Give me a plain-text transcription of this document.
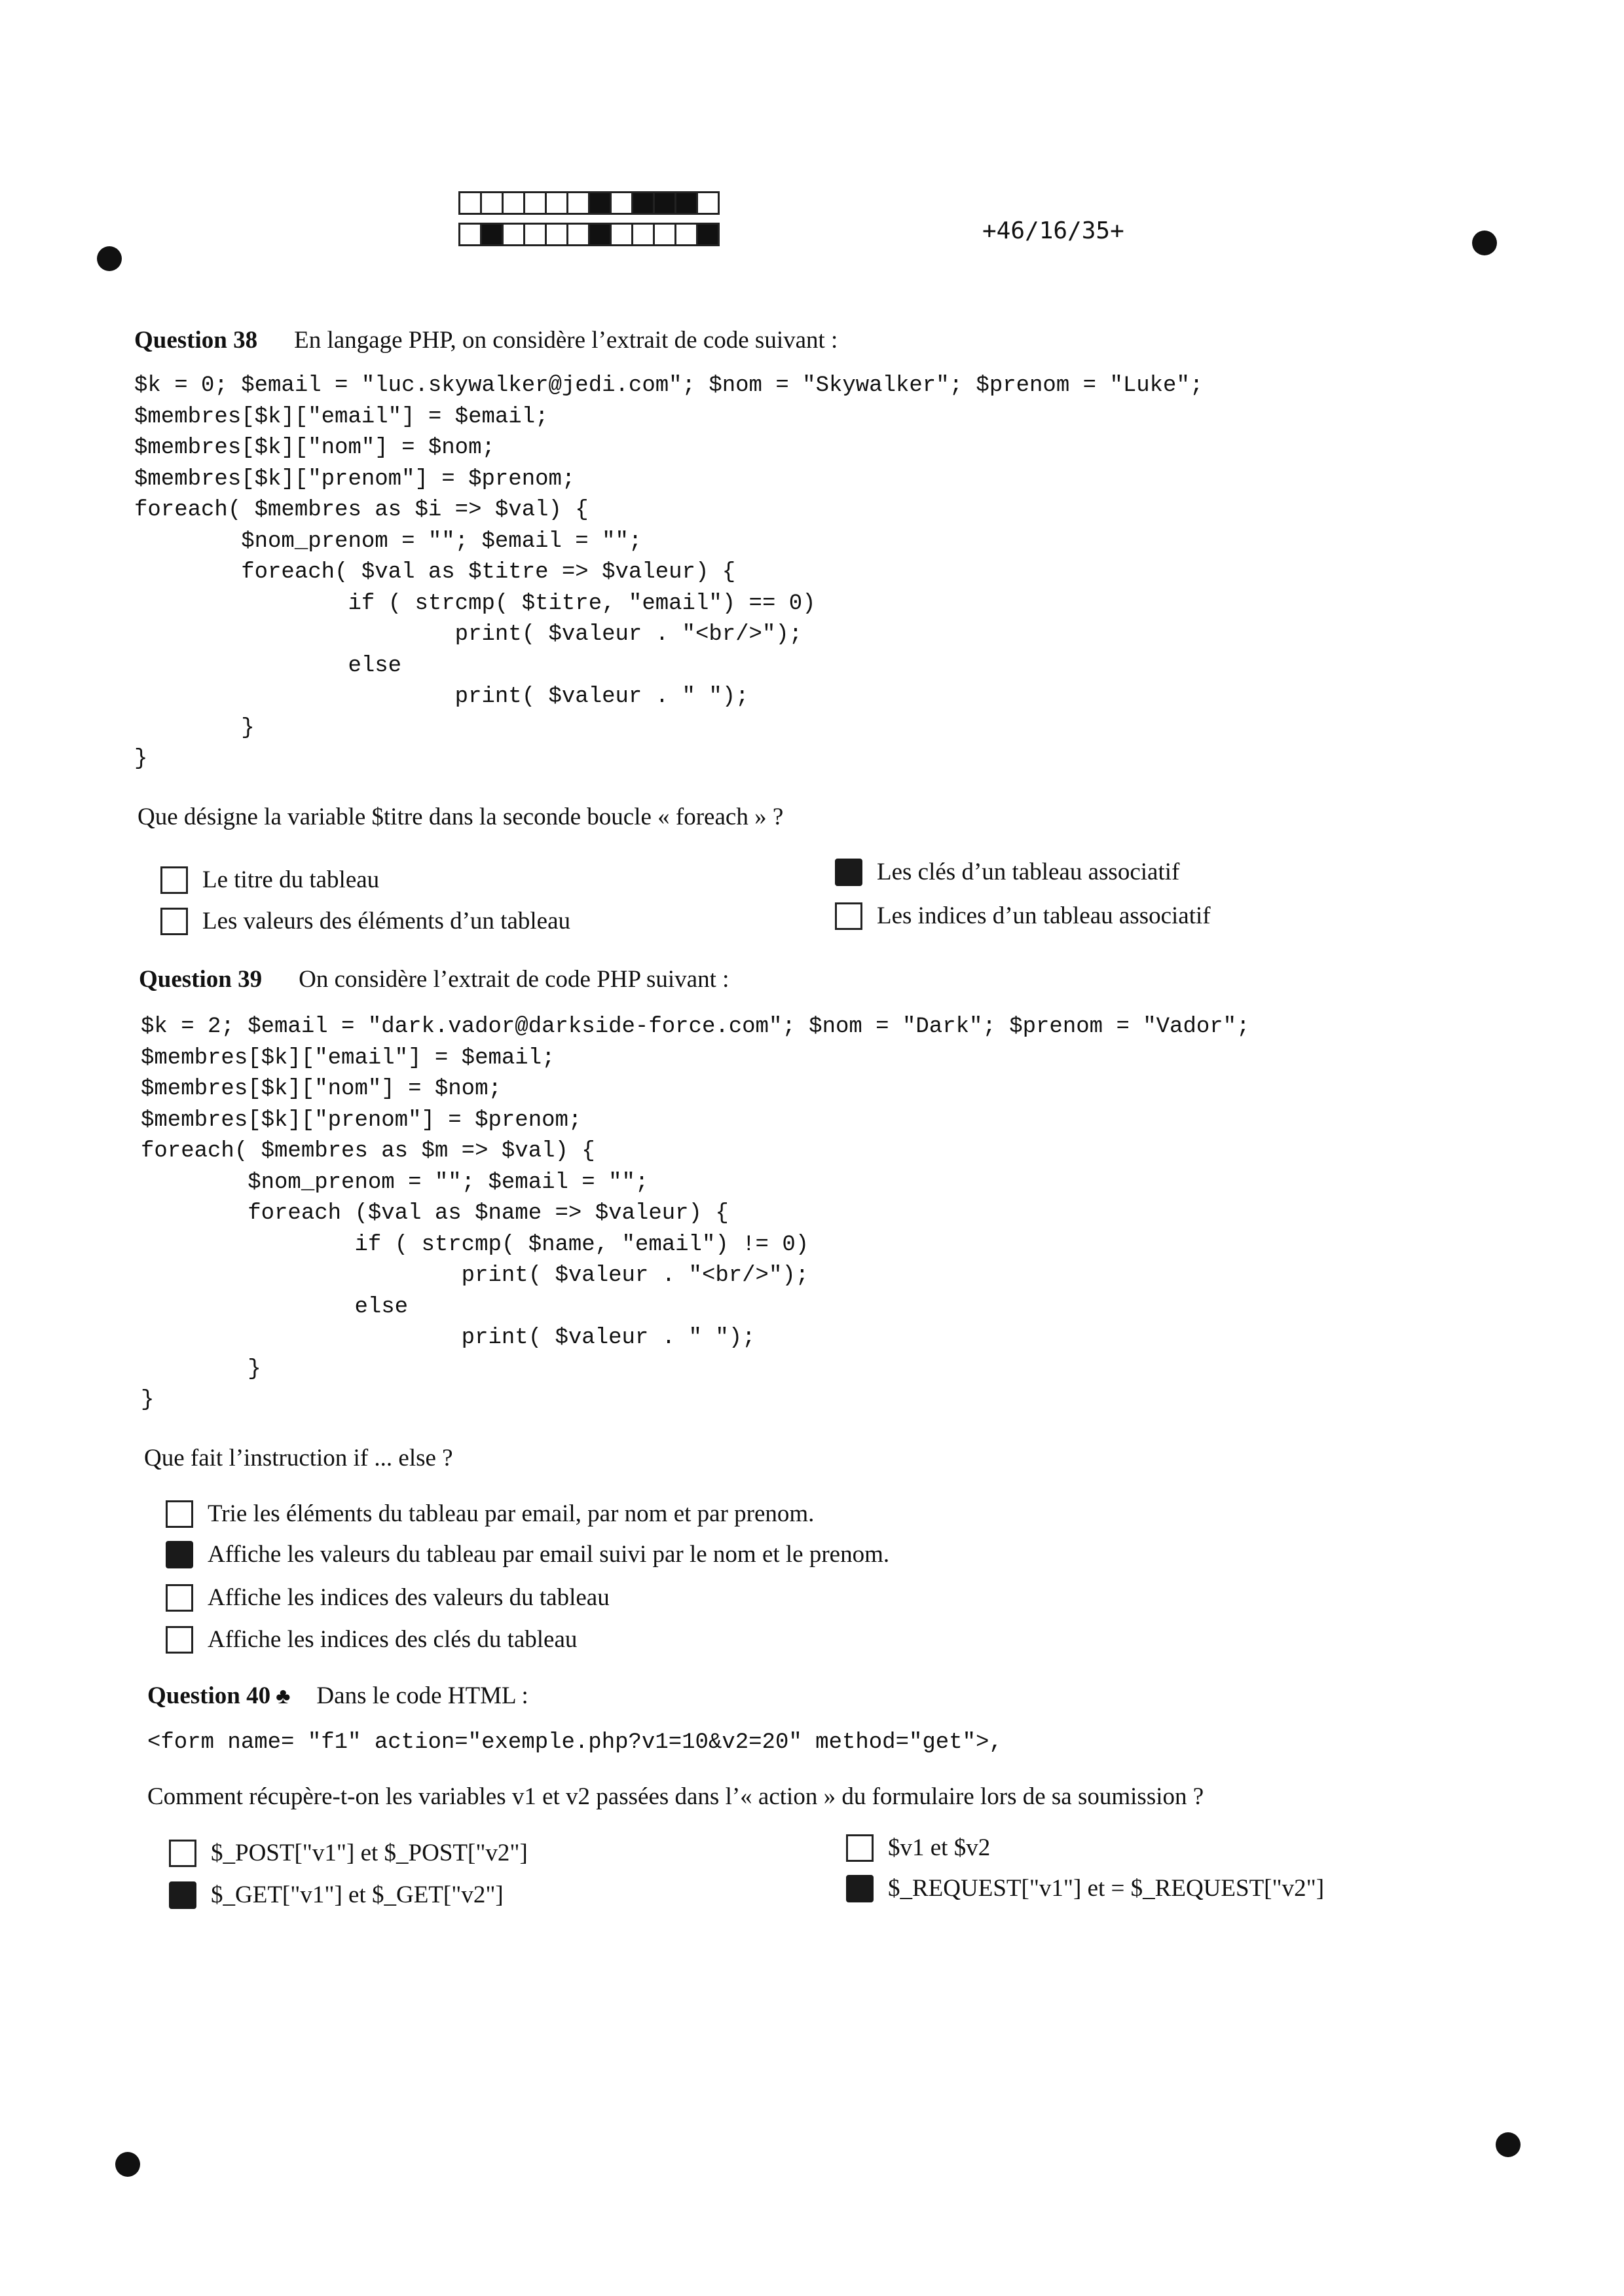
+46/16/35+
Question 38 En langage PHP, on considère l’extrait de code suivant :
$k = 0; $email = "luc.skywalker@jedi.com"; $nom = "Skywalker"; $prenom = "Luke";
$membres[$k]["email"] = $email;
$membres[$k]["nom"] = $nom;
$membres[$k]["prenom"] = $prenom;
foreach( $membres as $i => $val) {
$nom_prenom = ""; $email = "";
foreach( $val as $titre => $valeur) {
if ( strcmp( $titre, "email") == 0)
print( $valeur . "<br/>");
else
print( $valeur . " ");
}
}
Que désigne la variable $titre dans la seconde boucle « foreach » ?
Le titre du tableau
Les valeurs des éléments d’un tableau
Les clés d’un tableau associatif
Les indices d’un tableau associatif
Question 39 On considère l’extrait de code PHP suivant :
$k = 2; $email = "dark.vador@darkside-force.com"; $nom = "Dark"; $prenom = "Vador";
$membres[$k]["email"] = $email;
$membres[$k]["nom"] = $nom;
$membres[$k]["prenom"] = $prenom;
foreach( $membres as $m => $val) {
$nom_prenom = ""; $email = "";
foreach ($val as $name => $valeur) {
if ( strcmp( $name, "email") != 0)
print( $valeur . "<br/>");
else
print( $valeur . " ");
}
}
Que fait l’instruction if ... else ?
Trie les éléments du tableau par email, par nom et par prenom.
Affiche les valeurs du tableau par email suivi par le nom et le prenom.
Affiche les indices des valeurs du tableau
Affiche les indices des clés du tableau
Question 40 ♣ Dans le code HTML :
<form name= "f1" action="exemple.php?v1=10&v2=20" method="get">,
Comment récupère-t-on les variables v1 et v2 passées dans l’« action » du formulaire lors de sa soumission ?
$_POST["v1"] et $_POST["v2"]
$_GET["v1"] et $_GET["v2"]
$v1 et $v2
$_REQUEST["v1"] et = $_REQUEST["v2"]
